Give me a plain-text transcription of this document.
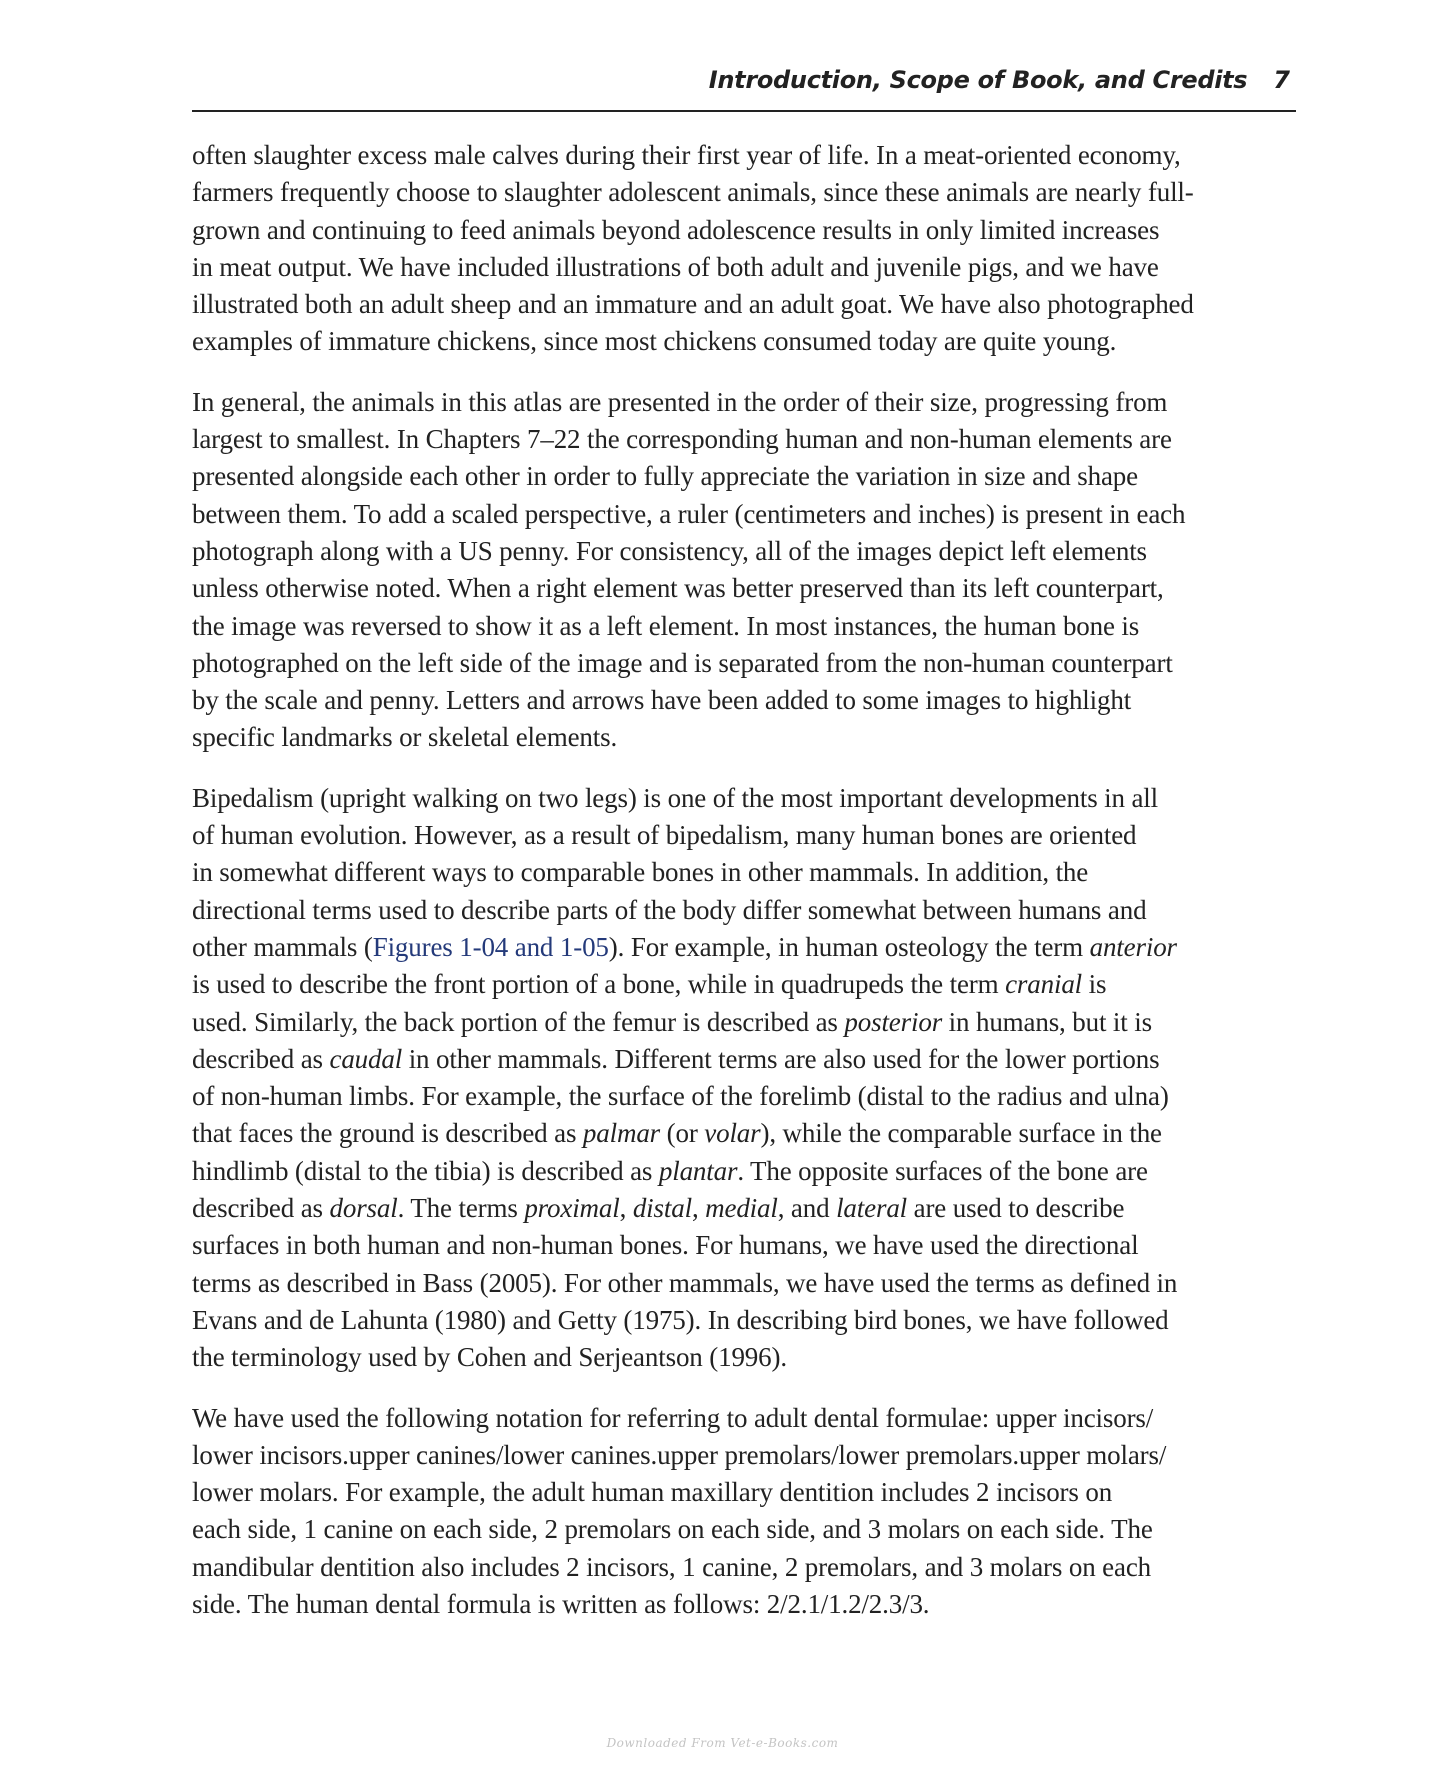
Introduction, Scope of Book, and Credits 7

often slaughter excess male calves during their first year of life. In a meat-oriented economy,
farmers frequently choose to slaughter adolescent animals, since these animals are nearly full-
grown and continuing to feed animals beyond adolescence results in only limited increases
in meat output. We have included illustrations of both adult and juvenile pigs, and we have
illustrated both an adult sheep and an immature and an adult goat. We have also photographed
examples of immature chickens, since most chickens consumed today are quite young.

In general, the animals in this atlas are presented in the order of their size, progressing from
largest to smallest. In Chapters 7–22 the corresponding human and non-human elements are
presented alongside each other in order to fully appreciate the variation in size and shape
between them. To add a scaled perspective, a ruler (centimeters and inches) is present in each
photograph along with a US penny. For consistency, all of the images depict left elements
unless otherwise noted. When a right element was better preserved than its left counterpart,
the image was reversed to show it as a left element. In most instances, the human bone is
photographed on the left side of the image and is separated from the non-human counterpart
by the scale and penny. Letters and arrows have been added to some images to highlight
specific landmarks or skeletal elements.

Bipedalism (upright walking on two legs) is one of the most important developments in all
of human evolution. However, as a result of bipedalism, many human bones are oriented
in somewhat different ways to comparable bones in other mammals. In addition, the
directional terms used to describe parts of the body differ somewhat between humans and
other mammals (Figures 1-04 and 1-05). For example, in human osteology the term anterior
is used to describe the front portion of a bone, while in quadrupeds the term cranial is
used. Similarly, the back portion of the femur is described as posterior in humans, but it is
described as caudal in other mammals. Different terms are also used for the lower portions
of non-human limbs. For example, the surface of the forelimb (distal to the radius and ulna)
that faces the ground is described as palmar (or volar), while the comparable surface in the
hindlimb (distal to the tibia) is described as plantar. The opposite surfaces of the bone are
described as dorsal. The terms proximal, distal, medial, and lateral are used to describe
surfaces in both human and non-human bones. For humans, we have used the directional
terms as described in Bass (2005). For other mammals, we have used the terms as defined in
Evans and de Lahunta (1980) and Getty (1975). In describing bird bones, we have followed
the terminology used by Cohen and Serjeantson (1996).

We have used the following notation for referring to adult dental formulae: upper incisors/
lower incisors.upper canines/lower canines.upper premolars/lower premolars.upper molars/
lower molars. For example, the adult human maxillary dentition includes 2 incisors on
each side, 1 canine on each side, 2 premolars on each side, and 3 molars on each side. The
mandibular dentition also includes 2 incisors, 1 canine, 2 premolars, and 3 molars on each
side. The human dental formula is written as follows: 2/2.1/1.2/2.3/3.

Downloaded From Vet-e-Books.com
